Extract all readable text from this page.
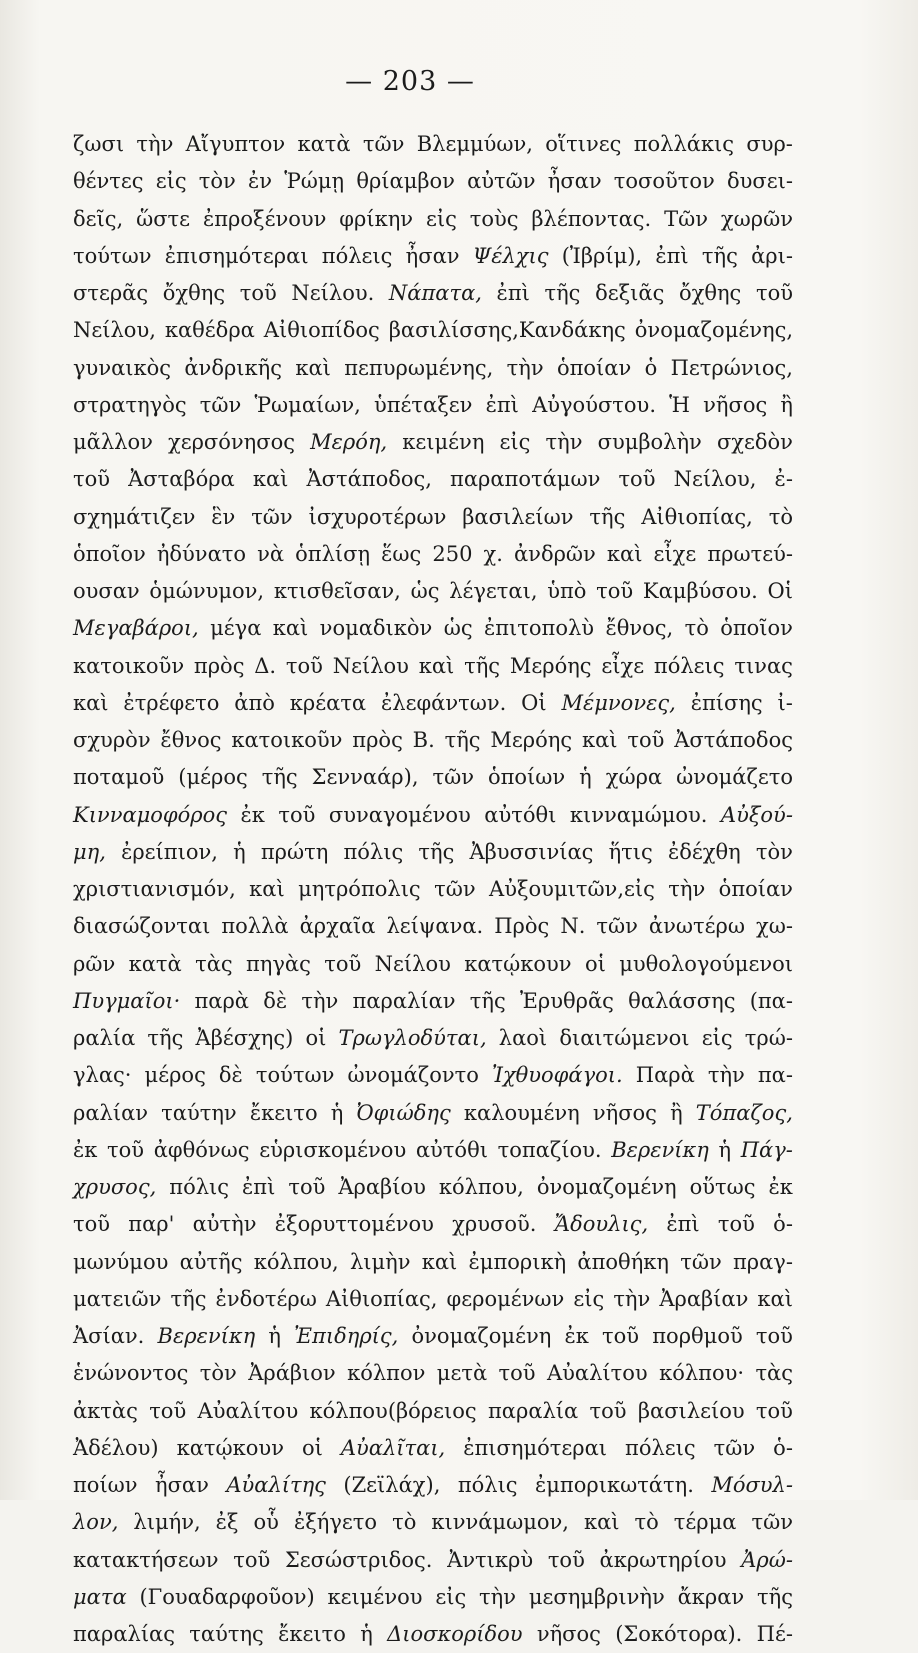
— 203 —
ζωσι τὴν Αἴγυπτον κατὰ τῶν Βλεμμύων, οἵτινες πολλάκις συρ-
θέντες εἰς τὸν ἐν Ῥώμῃ θρίαμβον αὐτῶν ἦσαν τοσοῦτον δυσει-
δεῖς, ὥστε ἐπροξένουν φρίκην εἰς τοὺς βλέποντας. Τῶν χωρῶν
τούτων ἐπισημότεραι πόλεις ἦσαν Ψέλχις (Ἰβρίμ), ἐπὶ τῆς ἀρι-
στερᾶς ὄχθης τοῦ Νείλου. Νάπατα, ἐπὶ τῆς δεξιᾶς ὄχθης τοῦ
Νείλου, καθέδρα Αἰθιοπίδος βασιλίσσης,Κανδάκης ὀνομαζομένης,
γυναικὸς ἀνδρικῆς καὶ πεπυρωμένης, τὴν ὁποίαν ὁ Πετρώνιος,
στρατηγὸς τῶν Ῥωμαίων, ὑπέταξεν ἐπὶ Αὐγούστου. Ἡ νῆσος ἢ
μᾶλλον χερσόνησος Μερόη, κειμένη εἰς τὴν συμβολὴν σχεδὸν
τοῦ Ἀσταβόρα καὶ Ἀστάποδος, παραποτάμων τοῦ Νείλου, ἐ-
σχημάτιζεν ἓν τῶν ἰσχυροτέρων βασιλείων τῆς Αἰθιοπίας, τὸ
ὁποῖον ἠδύνατο νὰ ὁπλίσῃ ἕως 250 χ. ἀνδρῶν καὶ εἶχε πρωτεύ-
ουσαν ὁμώνυμον, κτισθεῖσαν, ὡς λέγεται, ὑπὸ τοῦ Καμβύσου. Οἱ
Μεγαβάροι, μέγα καὶ νομαδικὸν ὡς ἐπιτοπολὺ ἔθνος, τὸ ὁποῖον
κατοικοῦν πρὸς Δ. τοῦ Νείλου καὶ τῆς Μερόης εἶχε πόλεις τινας
καὶ ἐτρέφετο ἀπὸ κρέατα ἐλεφάντων. Οἱ Μέμνονες, ἐπίσης ἰ-
σχυρὸν ἔθνος κατοικοῦν πρὸς Β. τῆς Μερόης καὶ τοῦ Ἀστάποδος
ποταμοῦ (μέρος τῆς Σενναάρ), τῶν ὁποίων ἡ χώρα ὠνομάζετο
Κινναμοφόρος ἐκ τοῦ συναγομένου αὐτόθι κινναμώμου. Αὐξού-
μη, ἐρείπιον, ἡ πρώτη πόλις τῆς Ἀβυσσινίας ἥτις ἐδέχθη τὸν
χριστιανισμόν, καὶ μητρόπολις τῶν Αὐξουμιτῶν,εἰς τὴν ὁποίαν
διασώζονται πολλὰ ἀρχαῖα λείψανα. Πρὸς Ν. τῶν ἀνωτέρω χω-
ρῶν κατὰ τὰς πηγὰς τοῦ Νείλου κατῴκουν οἱ μυθολογούμενοι
Πυγμαῖοι· παρὰ δὲ τὴν παραλίαν τῆς Ἐρυθρᾶς θαλάσσης (πα-
ραλία τῆς Ἀβέσχης) οἱ Τρωγλοδύται, λαοὶ διαιτώμενοι εἰς τρώ-
γλας· μέρος δὲ τούτων ὠνομάζοντο Ἰχθυοφάγοι. Παρὰ τὴν πα-
ραλίαν ταύτην ἔκειτο ἡ Ὀφιώδης καλουμένη νῆσος ἢ Τόπαζος,
ἐκ τοῦ ἀφθόνως εὑρισκομένου αὐτόθι τοπαζίου. Βερενίκη ἡ Πάγ-
χρυσος, πόλις ἐπὶ τοῦ Ἀραβίου κόλπου, ὀνομαζομένη οὕτως ἐκ
τοῦ παρ' αὐτὴν ἐξορυττομένου χρυσοῦ. Ἄδουλις, ἐπὶ τοῦ ὁ-
μωνύμου αὐτῆς κόλπου, λιμὴν καὶ ἐμπορικὴ ἀποθήκη τῶν πραγ-
ματειῶν τῆς ἐνδοτέρω Αἰθιοπίας, φερομένων εἰς τὴν Ἀραβίαν καὶ
Ἀσίαν. Βερενίκη ἡ Ἐπιδηρίς, ὀνομαζομένη ἐκ τοῦ πορθμοῦ τοῦ
ἑνώνοντος τὸν Ἀράβιον κόλπον μετὰ τοῦ Αὐαλίτου κόλπου· τὰς
ἀκτὰς τοῦ Αὐαλίτου κόλπου(βόρειος παραλία τοῦ βασιλείου τοῦ
Ἀδέλου) κατῴκουν οἱ Αὐαλῖται, ἐπισημότεραι πόλεις τῶν ὁ-
ποίων ἦσαν Αὐαλίτης (Ζεϊλάχ), πόλις ἐμπορικωτάτη. Μόσυλ-
λον, λιμήν, ἐξ οὗ ἐξήγετο τὸ κιννάμωμον, καὶ τὸ τέρμα τῶν
κατακτήσεων τοῦ Σεσώστριδος. Ἀντικρὺ τοῦ ἀκρωτηρίου Ἀρώ-
ματα (Γουαδαρφοῦον) κειμένου εἰς τὴν μεσημβρινὴν ἄκραν τῆς
παραλίας ταύτης ἔκειτο ἡ Διοσκορίδου νῆσος (Σοκότορα). Πέ-
